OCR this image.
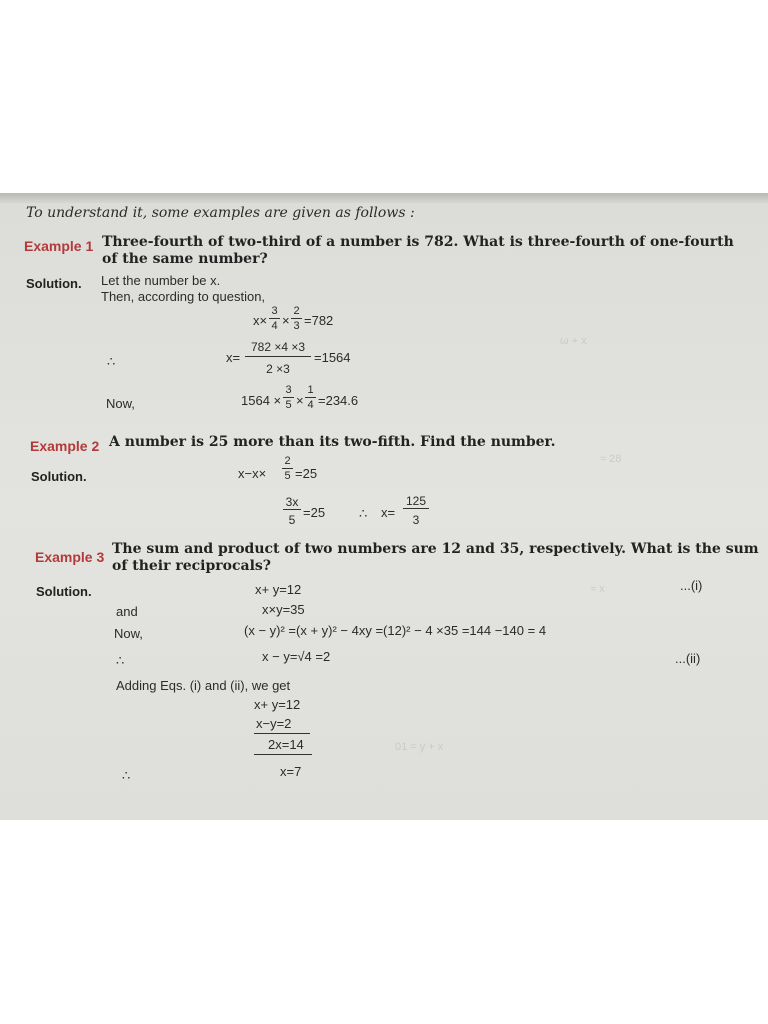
ω + x
≈ 28
≈ x
01 = y + x
To understand it, some examples are given as follows :
Example 1 Three-fourth of two-third of a number is 782. What is three-fourth of one-fourth
of the same number?
Solution. Let the number be x.
Then, according to question,
$x\times \frac{3}{4} \times \frac{2}{3} =782$
∴	$x= \frac{782 \times 4 \times 3}{2 \times 3} =1564$
Now,	$1564 \times \frac{3}{5} \times \frac{1}{4} =234.6$
Example 2 A number is 25 more than its two-fifth. Find the number.
Solution.	$x-x\times \frac{2}{5} =25$
$\frac{3x}{5} =25$	∴ $x= \frac{125}{3}$
Example 3 The sum and product of two numbers are 12 and 35, respectively. What is the sum
of their reciprocals?
Solution.	x+ y=12	...(i)
and	x×y=35
Now,	(x − y)² =(x + y)² − 4xy =(12)² − 4 ×35 =144 −140 = 4
∴	x − y=√4 =2	...(ii)
Adding Eqs. (i) and (ii), we get
x+ y=12
x−y=2
2x=14
∴	x=7
